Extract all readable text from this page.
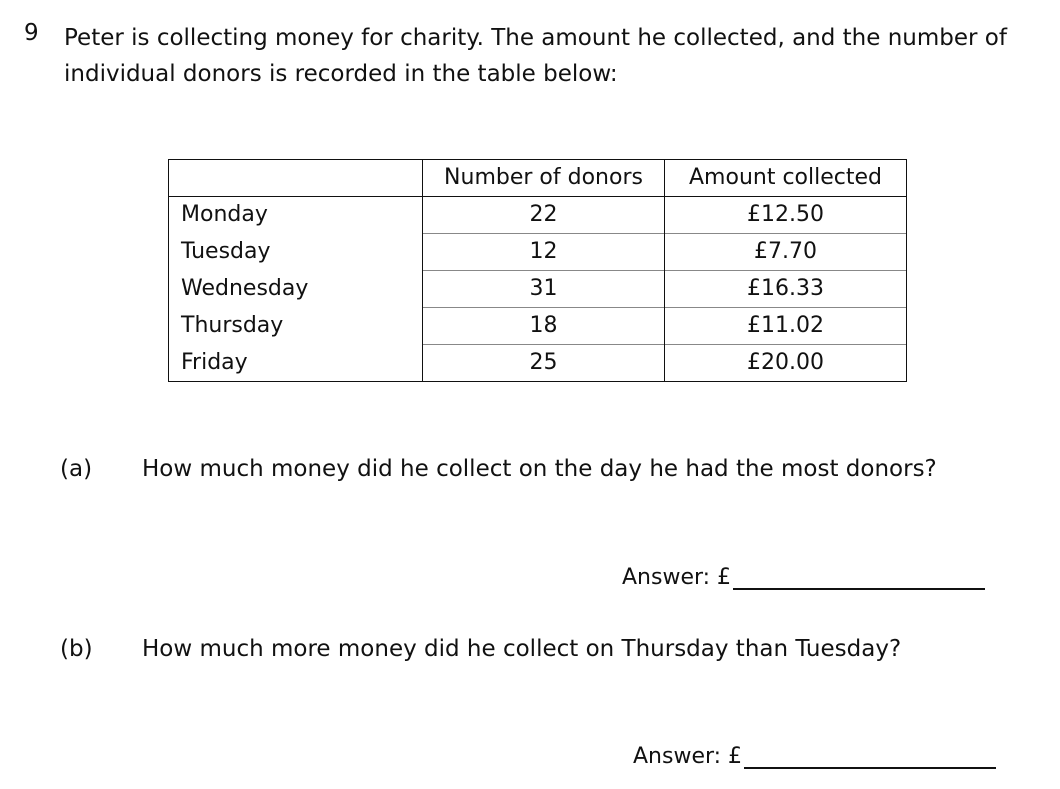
9 Peter is collecting money for charity. The amount he collected, and the number of
individual donors is recorded in the table below:
	Number of donors	Amount collected
Monday	22	£12.50
Tuesday	12	£7.70
Wednesday	31	£16.33
Thursday	18	£11.02
Friday	25	£20.00
(a) How much money did he collect on the day he had the most donors?
Answer: £
(b) How much more money did he collect on Thursday than Tuesday?
Answer: £
